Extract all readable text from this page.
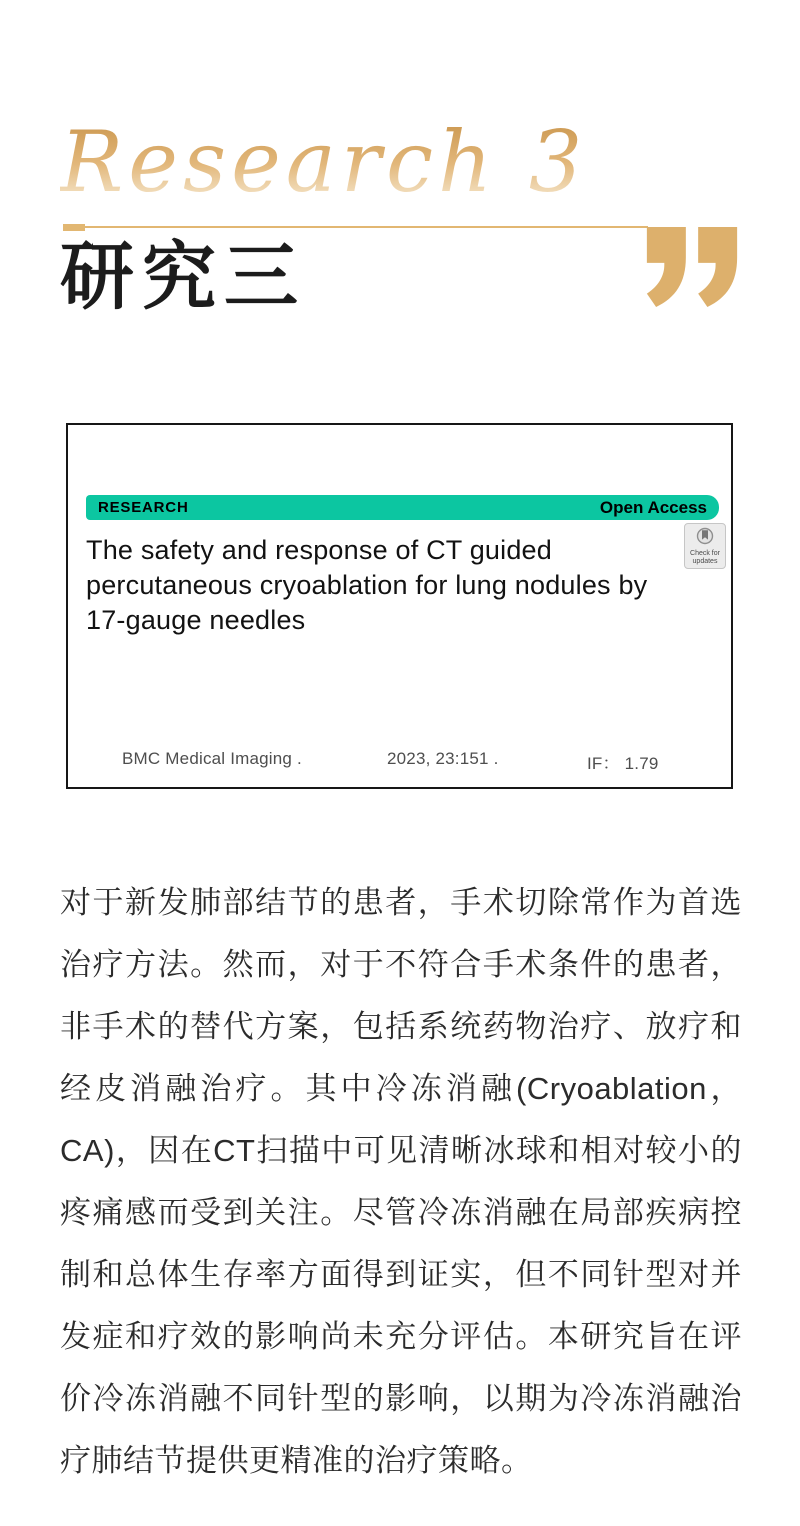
Research 3
研究三
RESEARCH	Open Access
The safety and response of CT guided percutaneous cryoablation for lung nodules by 17-gauge needles
Check for
updates
BMC Medical Imaging .	2023, 23:151 .	IF： 1.79
对于新发肺部结节的患者，手术切除常作为首选治疗方法。然而，对于不符合手术条件的患者，非手术的替代方案，包括系统药物治疗、放疗和经皮消融治疗。其中冷冻消融(Cryoablation，CA)，因在CT扫描中可见清晰冰球和相对较小的疼痛感而受到关注。尽管冷冻消融在局部疾病控制和总体生存率方面得到证实，但不同针型对并发症和疗效的影响尚未充分评估。本研究旨在评价冷冻消融不同针型的影响，以期为冷冻消融治疗肺结节提供更精准的治疗策略。
